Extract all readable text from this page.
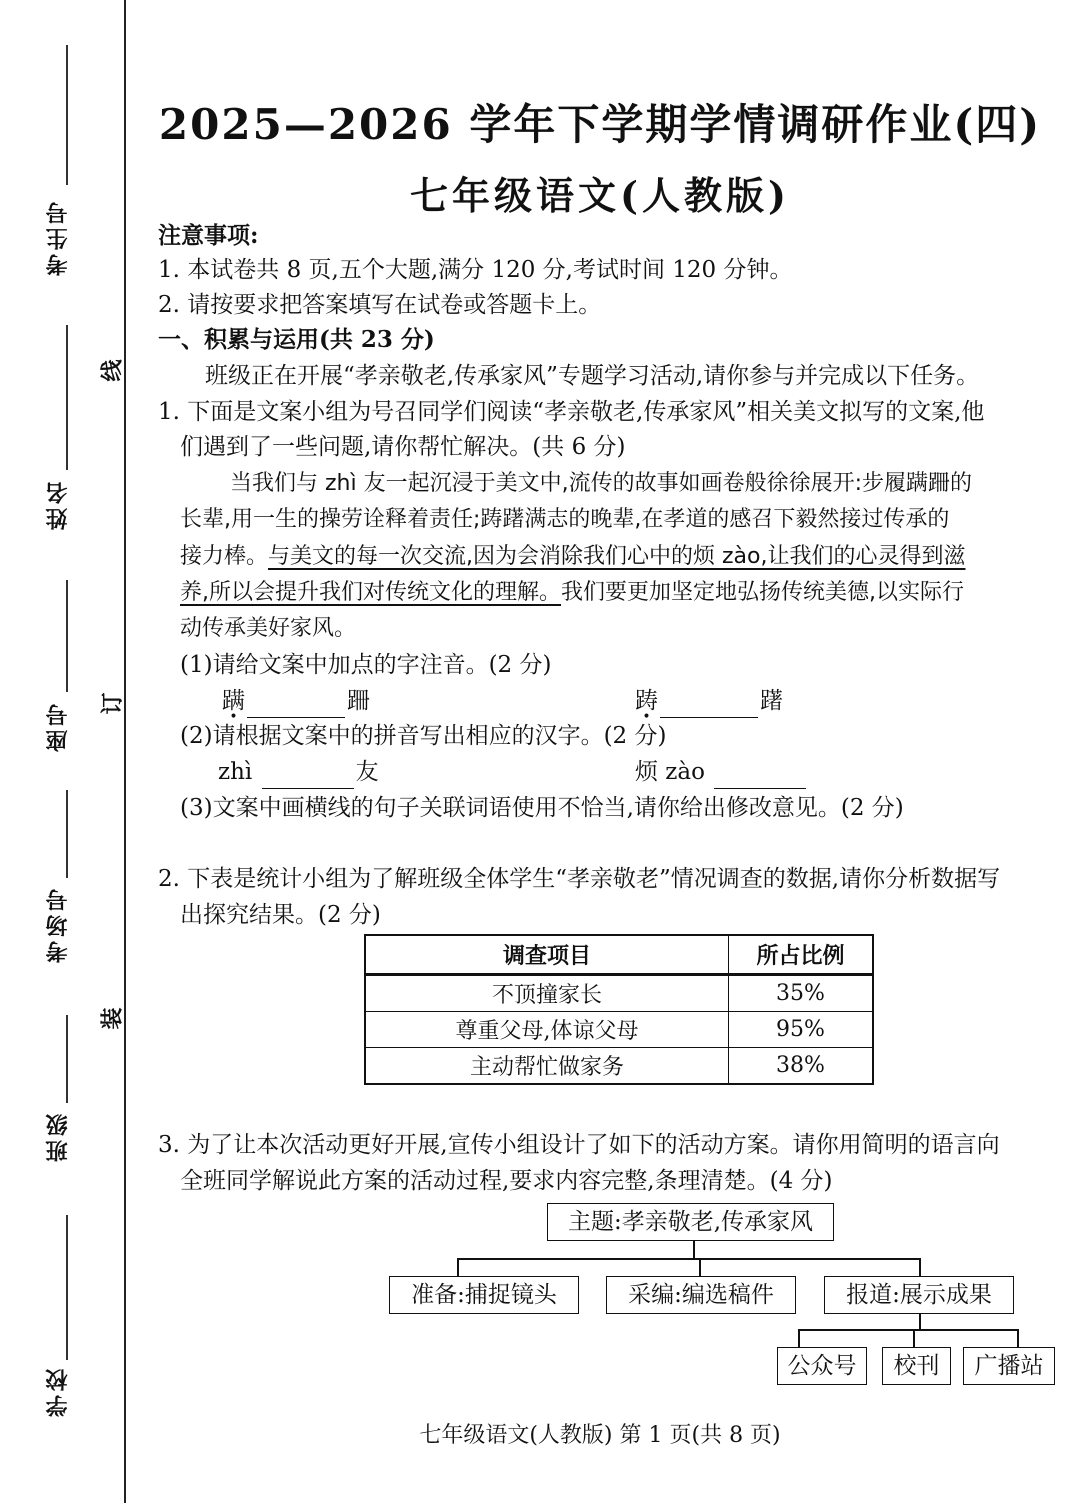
考生号
姓名
座号
考场号
班级
学校
线
订
装
2025—2026 学年下学期学情调研作业(四)
七年级语文(人教版)
注意事项:
1. 本试卷共 8 页,五个大题,满分 120 分,考试时间 120 分钟。
2. 请按要求把答案填写在试卷或答题卡上。
一、积累与运用(共 23 分)
班级正在开展“孝亲敬老,传承家风”专题学习活动,请你参与并完成以下任务。
1. 下面是文案小组为号召同学们阅读“孝亲敬老,传承家风”相关美文拟写的文案,他
们遇到了一些问题,请你帮忙解决。(共 6 分)
当我们与 zhì 友一起沉浸于美文中,流传的故事如画卷般徐徐展开:步履蹒跚的
长辈,用一生的操劳诠释着责任;踌躇满志的晚辈,在孝道的感召下毅然接过传承的
接力棒。与美文的每一次交流,因为会消除我们心中的烦 zào,让我们的心灵得到滋
养,所以会提升我们对传统文化的理解。我们要更加坚定地弘扬传统美德,以实际行
动传承美好家风。
(1)请给文案中加点的字注音。(2 分)
蹒	跚	踌	躇
(2)请根据文案中的拼音写出相应的汉字。(2 分)
zhì	友	烦 zào
(3)文案中画横线的句子关联词语使用不恰当,请你给出修改意见。(2 分)
2. 下表是统计小组为了解班级全体学生“孝亲敬老”情况调查的数据,请你分析数据写
出探究结果。(2 分)
调查项目	所占比例
不顶撞家长	35%
尊重父母,体谅父母	95%
主动帮忙做家务	38%
3. 为了让本次活动更好开展,宣传小组设计了如下的活动方案。请你用简明的语言向
全班同学解说此方案的活动过程,要求内容完整,条理清楚。(4 分)
主题:孝亲敬老,传承家风
准备:捕捉镜头	采编:编选稿件	报道:展示成果
公众号	校刊	广播站
七年级语文(人教版) 第 1 页(共 8 页)
